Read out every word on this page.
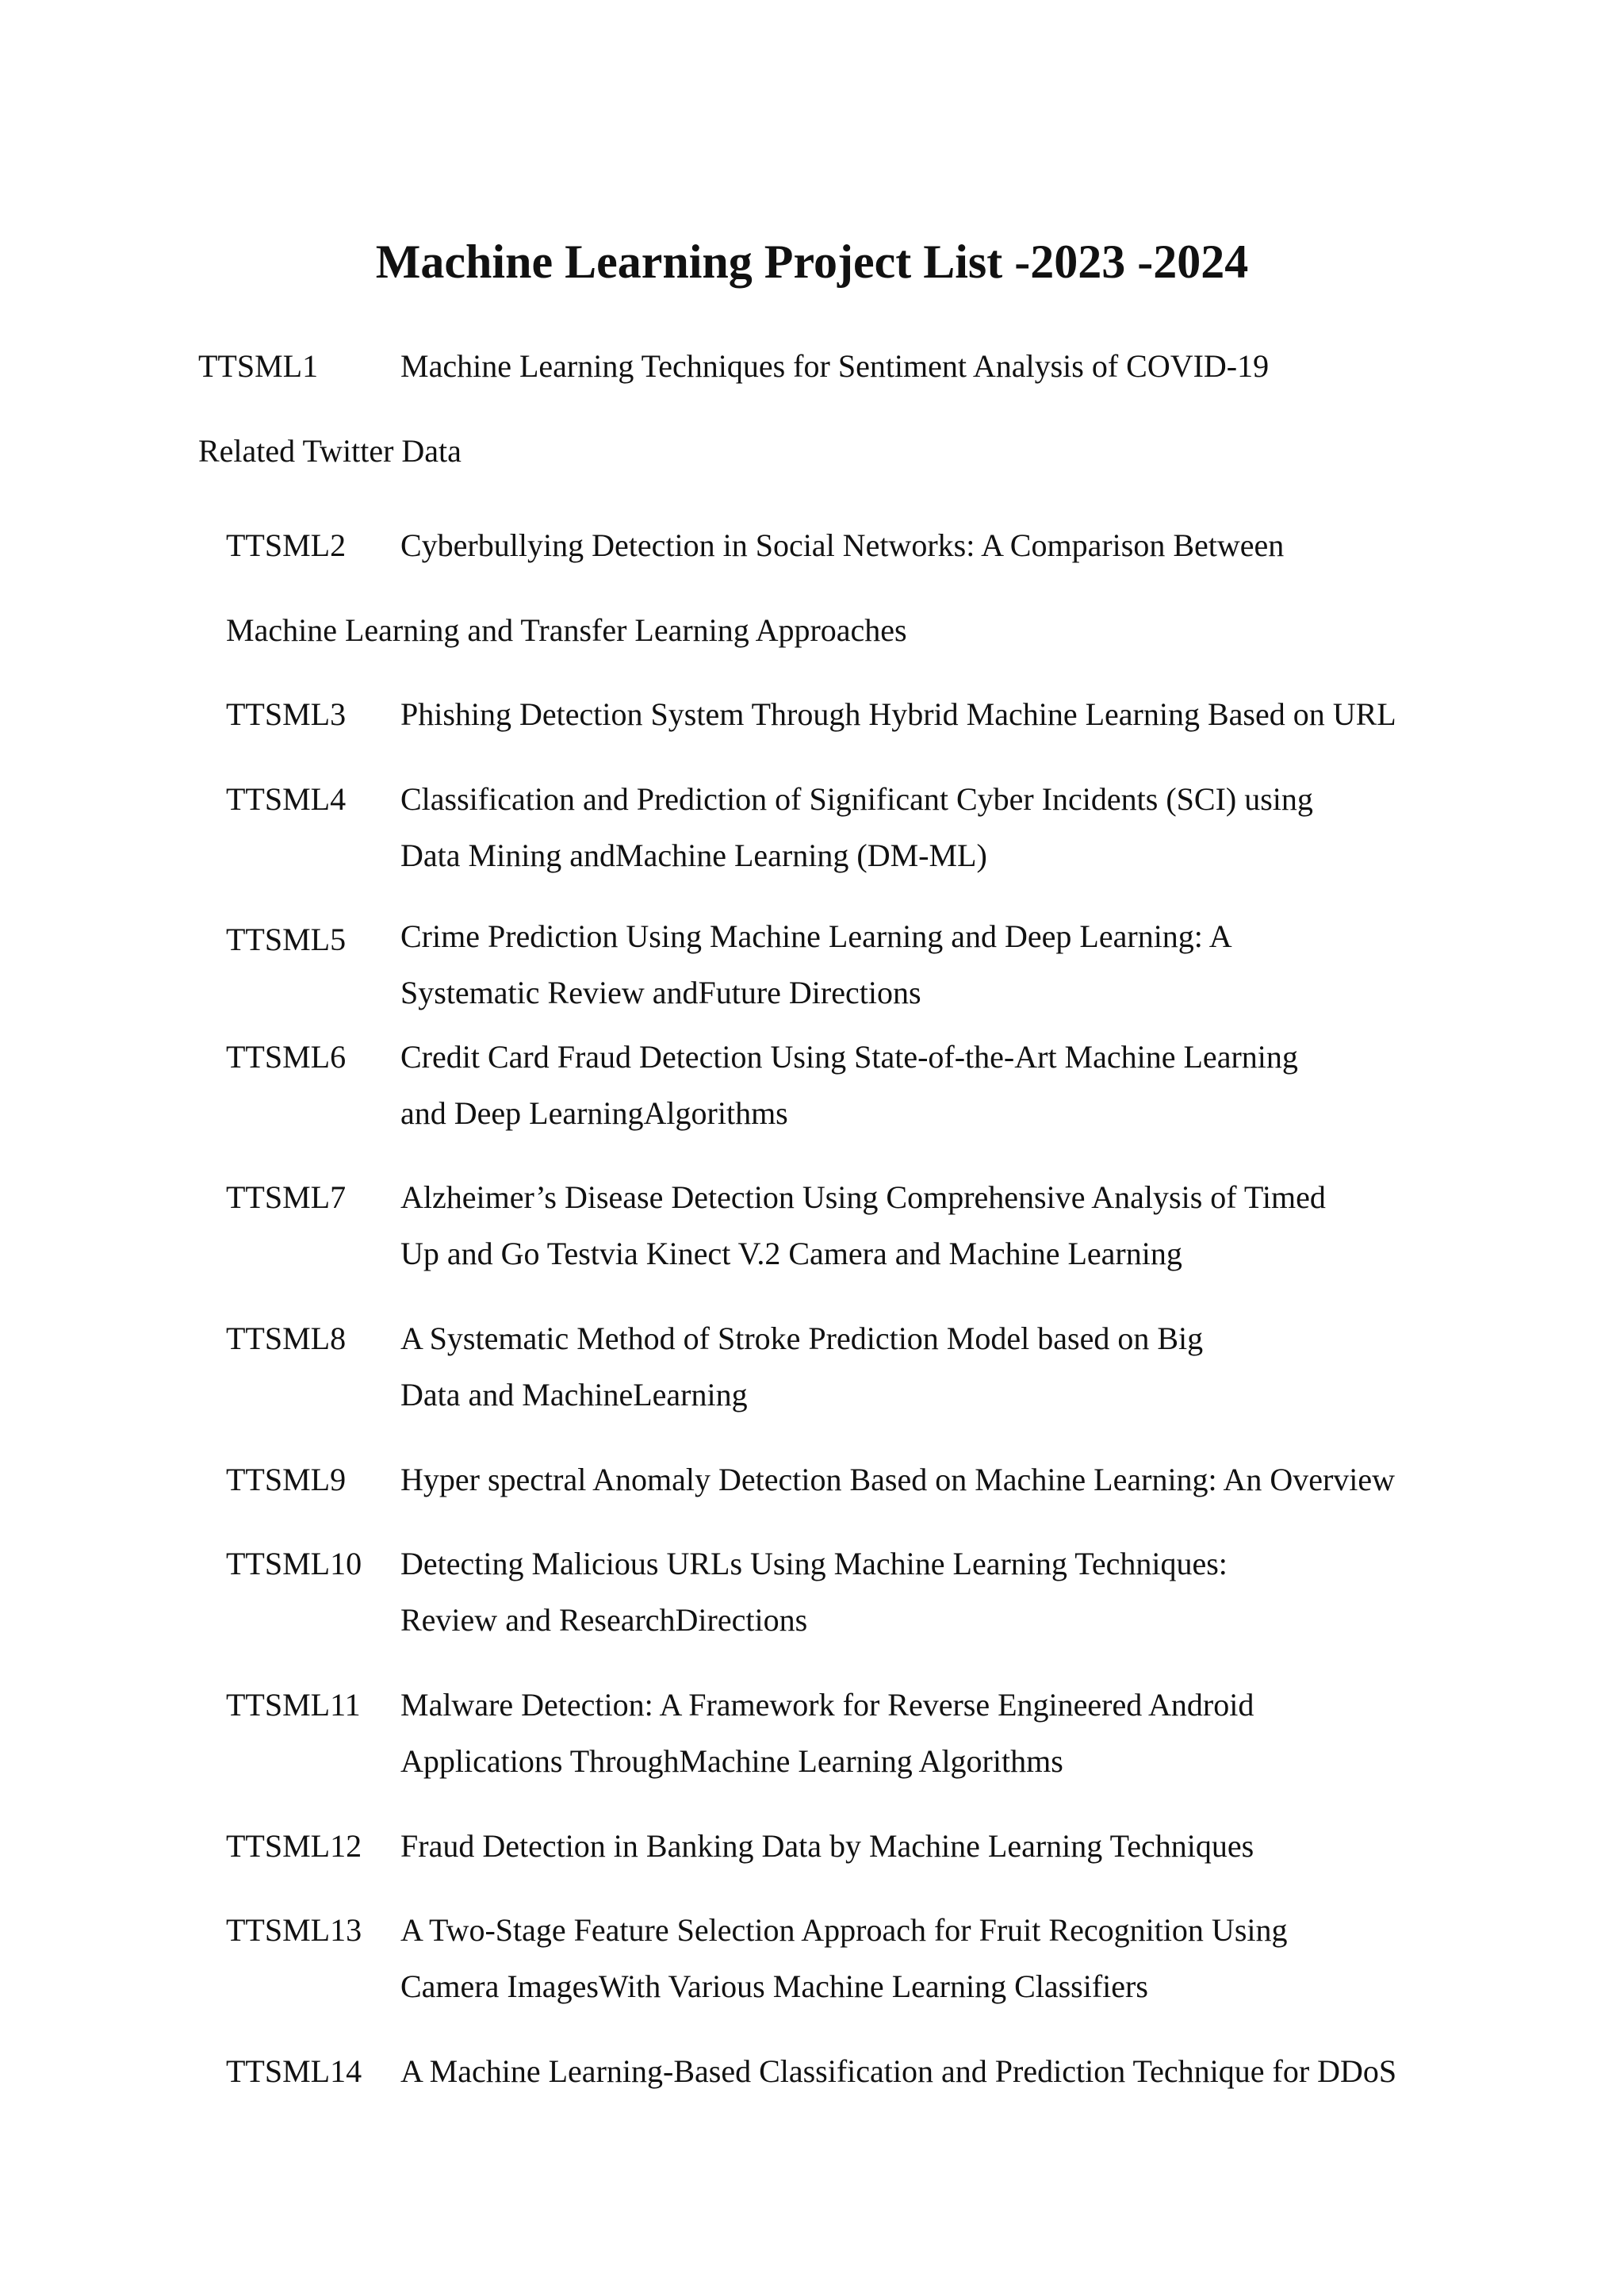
Machine Learning Project List -2023 -2024
TTSML1	Machine Learning Techniques for Sentiment Analysis of COVID-19
Related Twitter Data
TTSML2 Cyberbullying Detection in Social Networks: A Comparison Between
Machine Learning and Transfer Learning Approaches
TTSML3 Phishing Detection System Through Hybrid Machine Learning Based on URL
TTSML4 Classification and Prediction of Significant Cyber Incidents (SCI) using
Data Mining andMachine Learning (DM-ML)
TTSML5 Crime Prediction Using Machine Learning and Deep Learning: A
Systematic Review andFuture Directions
TTSML6 Credit Card Fraud Detection Using State-of-the-Art Machine Learning
and Deep LearningAlgorithms
TTSML7 Alzheimer’s Disease Detection Using Comprehensive Analysis of Timed
Up and Go Testvia Kinect V.2 Camera and Machine Learning
TTSML8 A Systematic Method of Stroke Prediction Model based on Big
Data and MachineLearning
TTSML9 Hyper spectral Anomaly Detection Based on Machine Learning: An Overview
TTSML10 Detecting Malicious URLs Using Machine Learning Techniques:
Review and ResearchDirections
TTSML11 Malware Detection: A Framework for Reverse Engineered Android
Applications ThroughMachine Learning Algorithms
TTSML12 Fraud Detection in Banking Data by Machine Learning Techniques
TTSML13 A Two-Stage Feature Selection Approach for Fruit Recognition Using
Camera ImagesWith Various Machine Learning Classifiers
TTSML14 A Machine Learning-Based Classification and Prediction Technique for DDoS
